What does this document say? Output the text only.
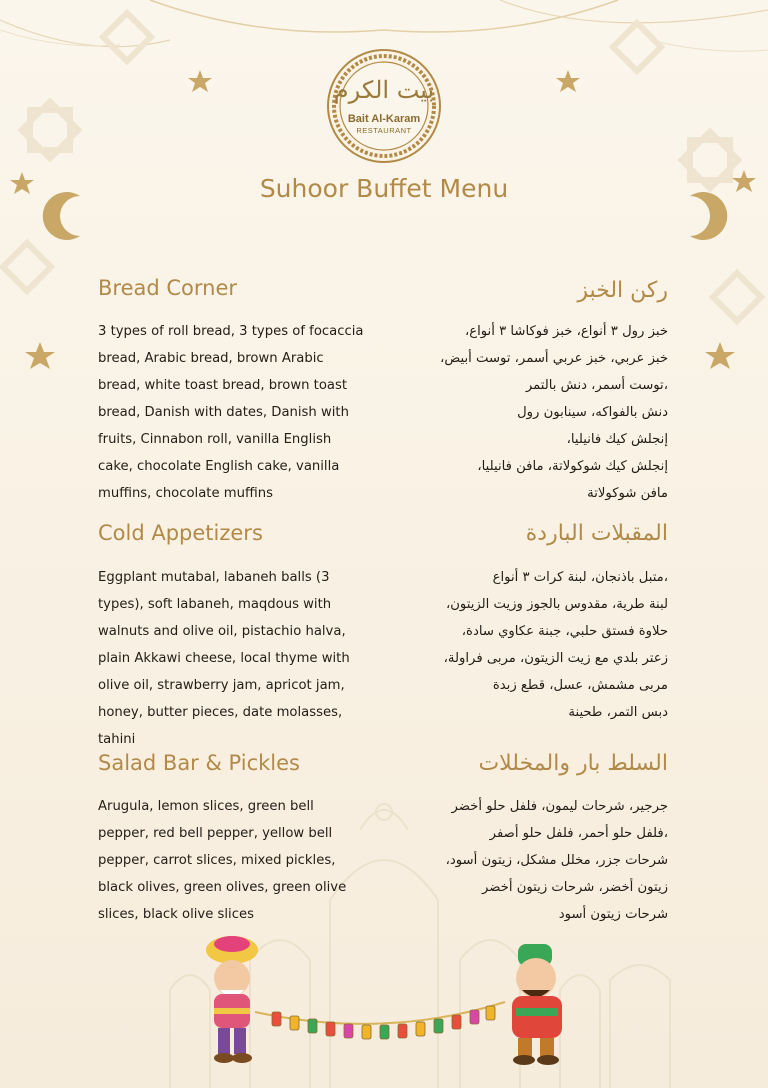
بيت الكرم
Bait Al-Karam
RESTAURANT
Suhoor Buffet Menu
Bread Corner	ركن الخبز

3 types of roll bread, 3 types of focaccia bread, Arabic bread, brown Arabic bread, white toast bread, brown toast bread, Danish with dates, Danish with fruits, Cinnabon roll, vanilla English cake, chocolate English cake, vanilla muffins, chocolate muffins

خبز رول ٣ أنواع، خبز فوكاشا ٣ أنواع،
خبز عربي، خبز عربي أسمر، توست أبيض،
،توست أسمر، دنش بالتمر
دنش بالفواكه، سينابون رول
إنجلش كيك فانيليا،
إنجلش كيك شوكولاتة، مافن فانيليا،
مافن شوكولاتة
Cold Appetizers	المقبلات الباردة

Eggplant mutabal, labaneh balls (3 types), soft labaneh, maqdous with walnuts and olive oil, pistachio halva, plain Akkawi cheese, local thyme with olive oil, strawberry jam, apricot jam, honey, butter pieces, date molasses, tahini

،متبل باذنجان، لبنة كرات ٣ أنواع
لبنة طرية، مقدوس بالجوز وزيت الزيتون،
حلاوة فستق حلبي، جبنة عكاوي سادة،
زعتر بلدي مع زيت الزيتون، مربى فراولة،
مربى مشمش، عسل، قطع زبدة
دبس التمر، طحينة
Salad Bar & Pickles	السلط بار والمخللات

Arugula, lemon slices, green bell pepper, red bell pepper, yellow bell pepper, carrot slices, mixed pickles, black olives, green olives, green olive slices, black olive slices

جرجير، شرحات ليمون، فلفل حلو أخضر
،فلفل حلو أحمر، فلفل حلو أصفر
شرحات جزر، مخلل مشكل، زيتون أسود،
زيتون أخضر، شرحات زيتون أخضر
شرحات زيتون أسود
